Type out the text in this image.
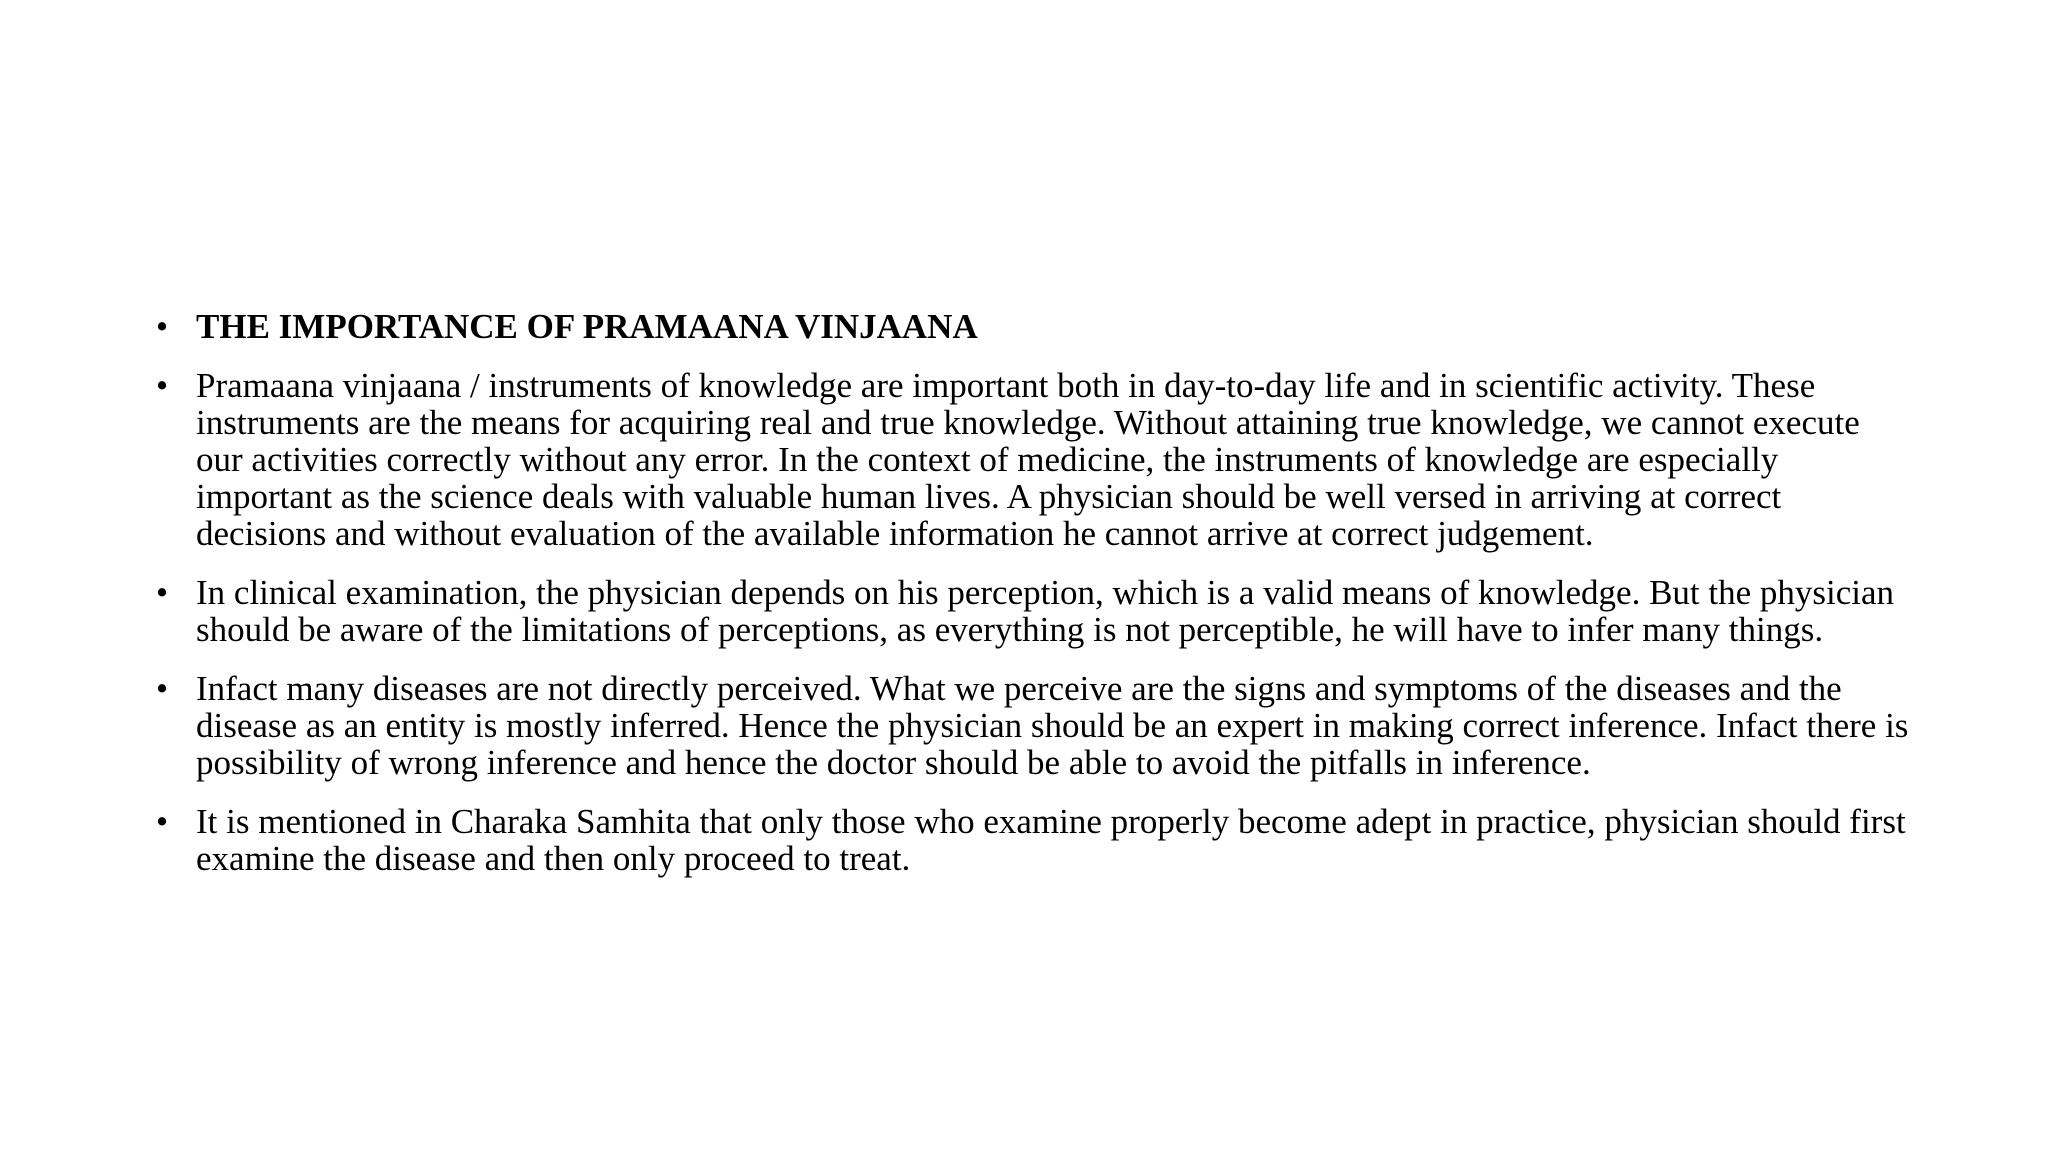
• THE IMPORTANCE OF PRAMAANA VINJAANA
• Pramaana vinjaana / instruments of knowledge are important both in day-to-day life and in scientific activity. These instruments are the means for acquiring real and true knowledge. Without attaining true knowledge, we cannot execute our activities correctly without any error. In the context of medicine, the instruments of knowledge are especially important as the science deals with valuable human lives. A physician should be well versed in arriving at correct decisions and without evaluation of the available information he cannot arrive at correct judgement.
• In clinical examination, the physician depends on his perception, which is a valid means of knowledge. But the physician should be aware of the limitations of perceptions, as everything is not perceptible, he will have to infer many things.
• Infact many diseases are not directly perceived. What we perceive are the signs and symptoms of the diseases and the disease as an entity is mostly inferred. Hence the physician should be an expert in making correct inference. Infact there is possibility of wrong inference and hence the doctor should be able to avoid the pitfalls in inference.
• It is mentioned in Charaka Samhita that only those who examine properly become adept in practice, physician should first examine the disease and then only proceed to treat.
